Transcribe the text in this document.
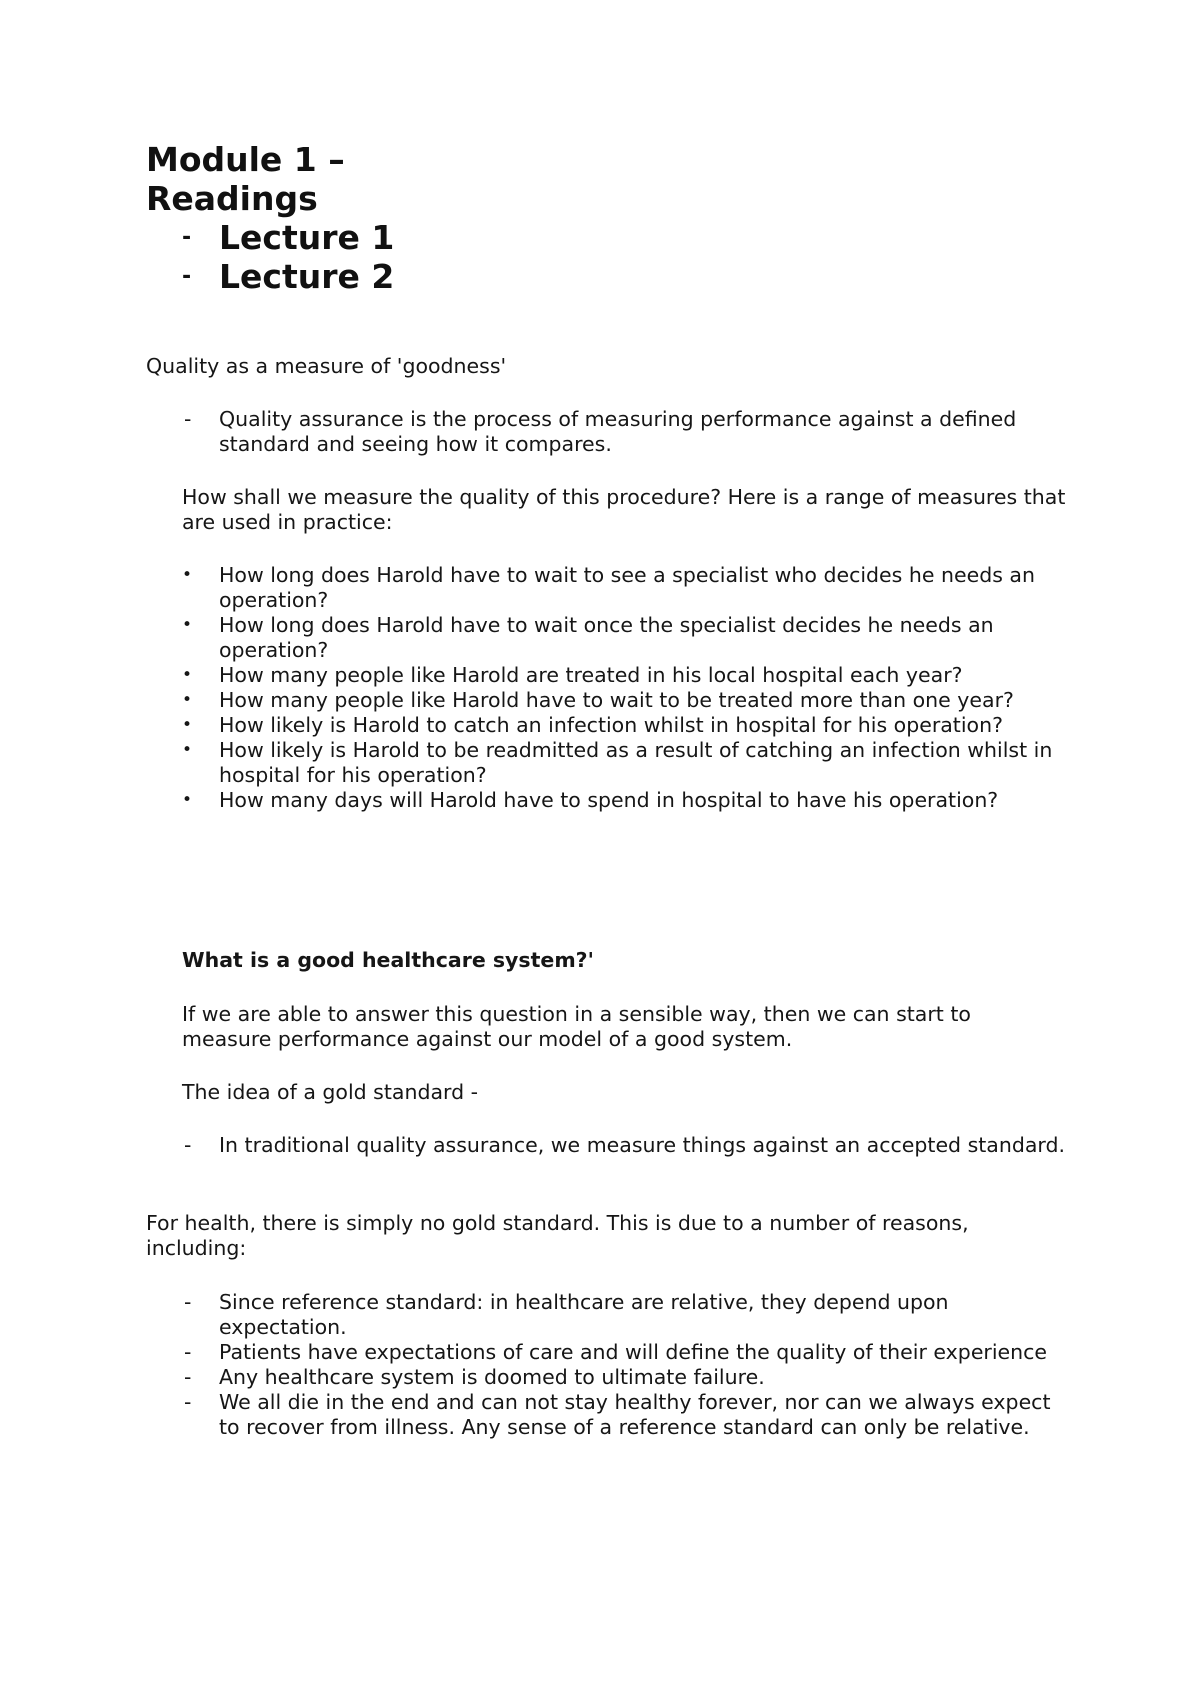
Module 1 –
Readings
- Lecture 1
- Lecture 2

Quality as a measure of 'goodness'

- Quality assurance is the process of measuring performance against a defined standard and seeing how it compares.

How shall we measure the quality of this procedure? Here is a range of measures that are used in practice:

• How long does Harold have to wait to see a specialist who decides he needs an operation?
• How long does Harold have to wait once the specialist decides he needs an operation?
• How many people like Harold are treated in his local hospital each year?
• How many people like Harold have to wait to be treated more than one year?
• How likely is Harold to catch an infection whilst in hospital for his operation?
• How likely is Harold to be readmitted as a result of catching an infection whilst in hospital for his operation?
• How many days will Harold have to spend in hospital to have his operation?

What is a good healthcare system?'

If we are able to answer this question in a sensible way, then we can start to measure performance against our model of a good system.

The idea of a gold standard -

- In traditional quality assurance, we measure things against an accepted standard.

For health, there is simply no gold standard. This is due to a number of reasons, including:

- Since reference standard: in healthcare are relative, they depend upon expectation.
- Patients have expectations of care and will define the quality of their experience
- Any healthcare system is doomed to ultimate failure.
- We all die in the end and can not stay healthy forever, nor can we always expect to recover from illness. Any sense of a reference standard can only be relative.
